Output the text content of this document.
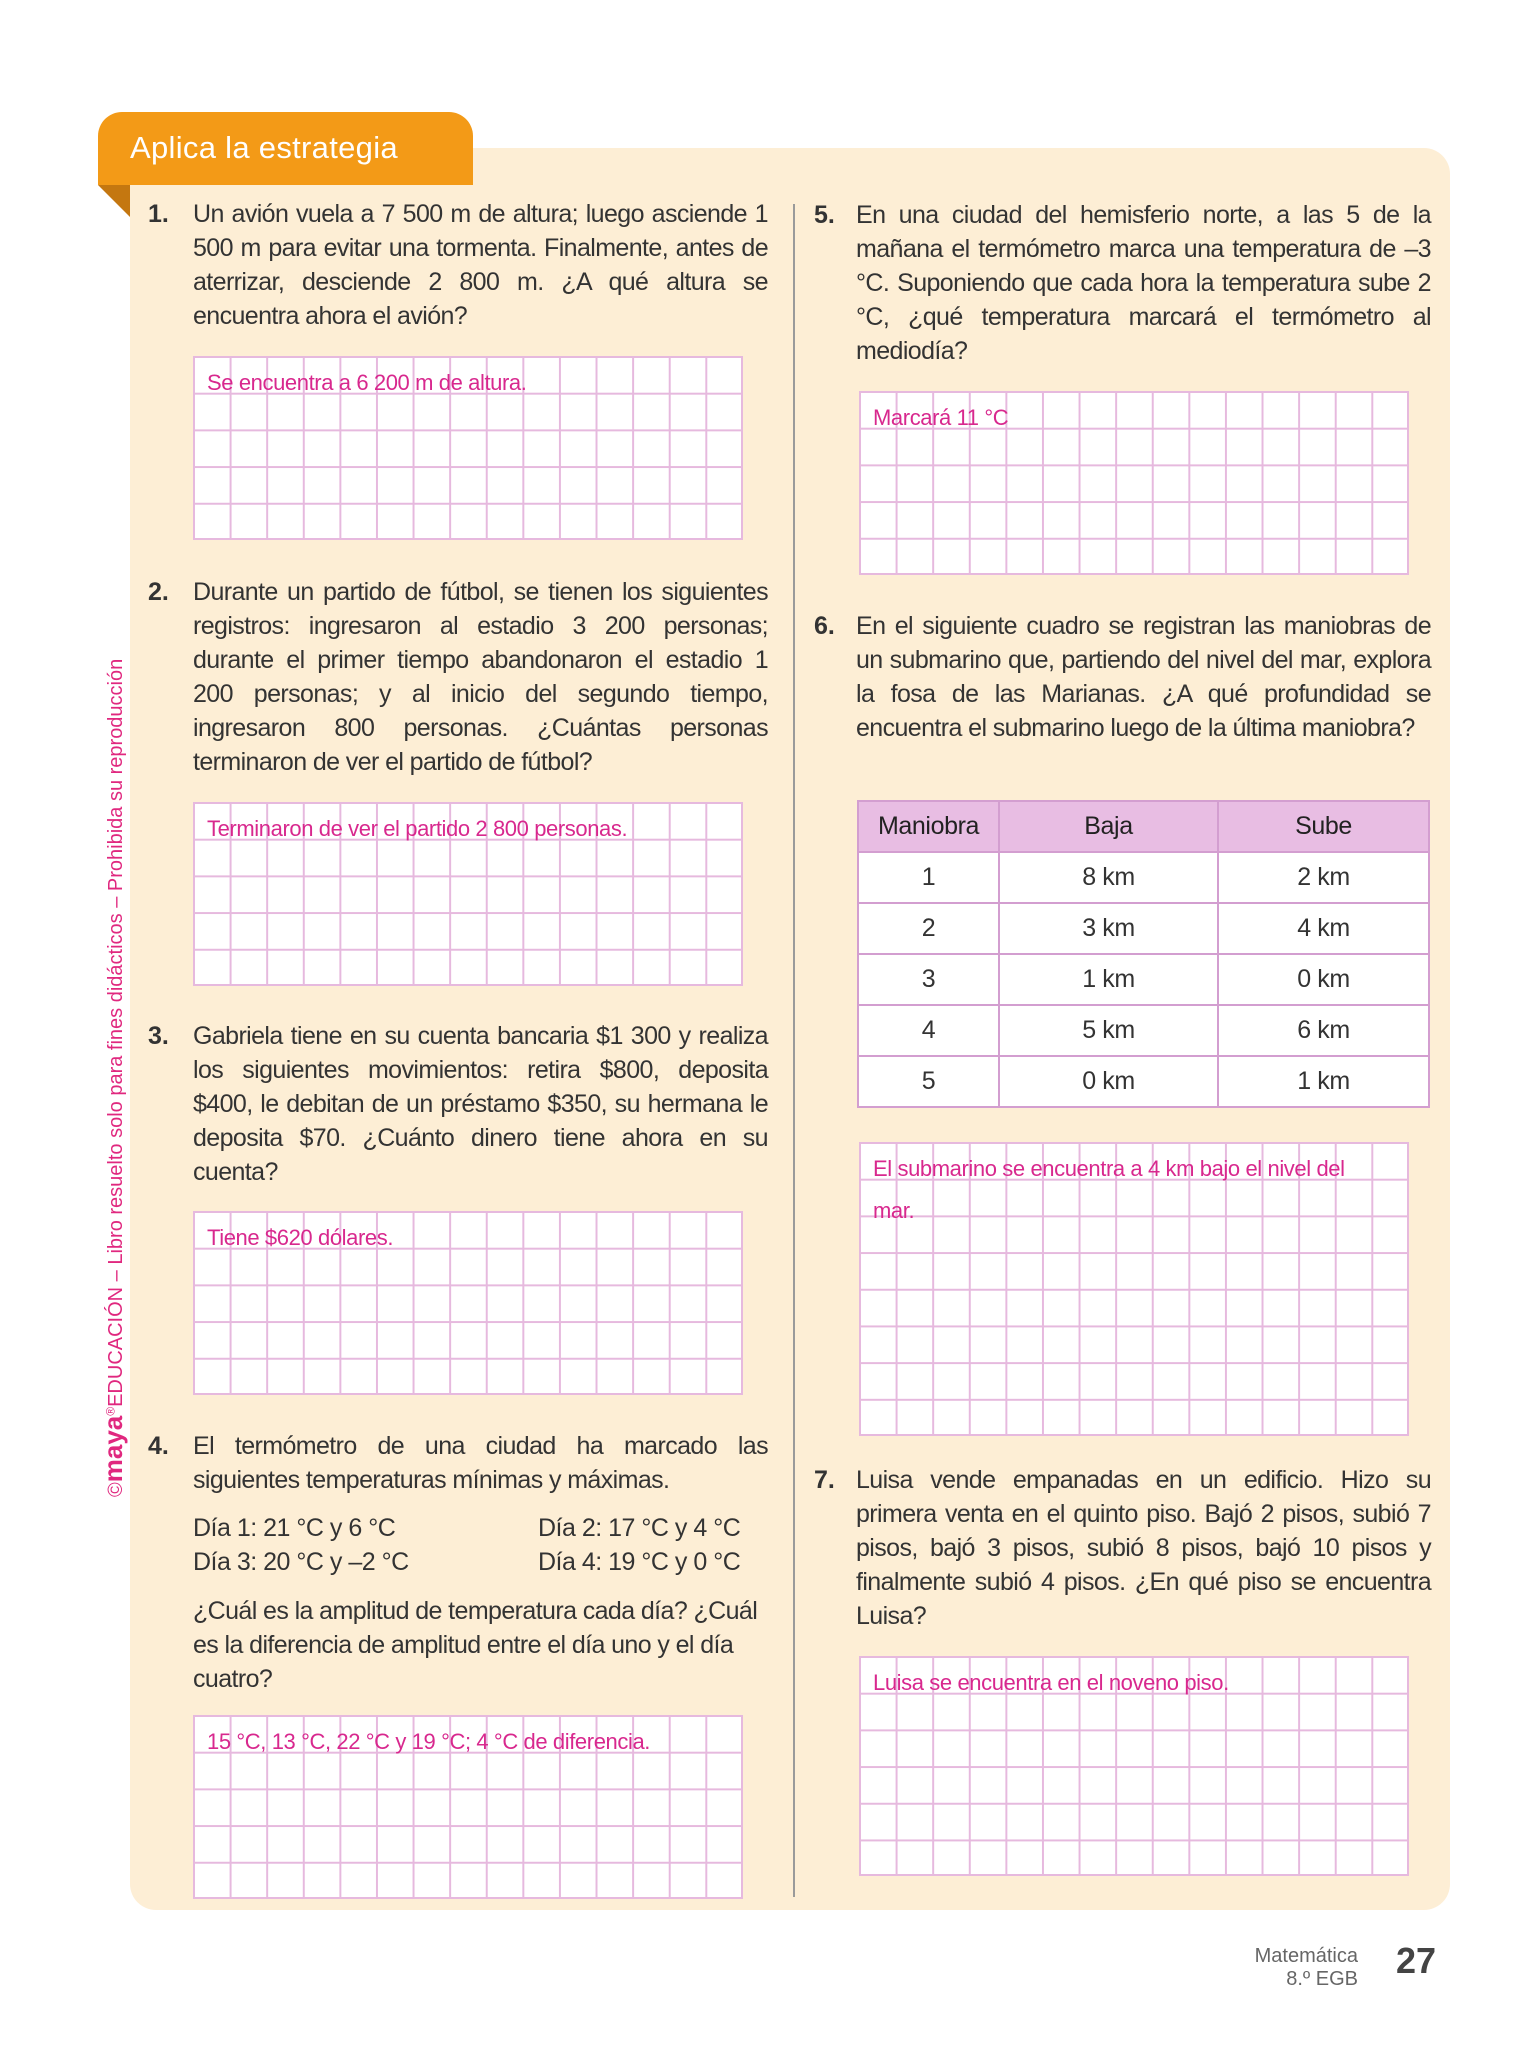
Aplica la estrategia
©maya®EDUCACIÓN – Libro resuelto solo para fines didácticos – Prohibida su reproducción
1. Un avión vuela a 7 500 m de altura; luego asciende 1 500 m para evitar una tormenta. Finalmente, antes de aterrizar, desciende 2 800 m. ¿A qué altura se encuentra ahora el avión?
Se encuentra a 6 200 m de altura.
2. Durante un partido de fútbol, se tienen los siguientes registros: ingresaron al estadio 3 200 personas; durante el primer tiempo abandonaron el estadio 1 200 personas; y al inicio del segundo tiempo, ingresaron 800 personas. ¿Cuántas personas terminaron de ver el partido de fútbol?
Terminaron de ver el partido 2 800 personas.
3. Gabriela tiene en su cuenta bancaria $1 300 y realiza los siguientes movimientos: retira $800, deposita $400, le debitan de un préstamo $350, su hermana le deposita $70. ¿Cuánto dinero tiene ahora en su cuenta?
Tiene $620 dólares.
4. El termómetro de una ciudad ha marcado las siguientes temperaturas mínimas y máximas.
Día 1: 21 °C y 6 °C	Día 2: 17 °C y 4 °C
Día 3: 20 °C y –2 °C	Día 4: 19 °C y 0 °C
¿Cuál es la amplitud de temperatura cada día? ¿Cuál es la diferencia de amplitud entre el día uno y el día cuatro?
15 °C, 13 °C, 22 °C y 19 °C; 4 °C de diferencia.
5. En una ciudad del hemisferio norte, a las 5 de la mañana el termómetro marca una temperatura de –3 °C. Suponiendo que cada hora la temperatura sube 2 °C, ¿qué temperatura marcará el termómetro al mediodía?
Marcará 11 °C
6. En el siguiente cuadro se registran las maniobras de un submarino que, partiendo del nivel del mar, explora la fosa de las Marianas. ¿A qué profundidad se encuentra el submarino luego de la última maniobra?
Maniobra	Baja	Sube
1	8 km	2 km
2	3 km	4 km
3	1 km	0 km
4	5 km	6 km
5	0 km	1 km
El submarino se encuentra a 4 km bajo el nivel del mar.
7. Luisa vende empanadas en un edificio. Hizo su primera venta en el quinto piso. Bajó 2 pisos, subió 7 pisos, bajó 3 pisos, subió 8 pisos, bajó 10 pisos y finalmente subió 4 pisos. ¿En qué piso se encuentra Luisa?
Luisa se encuentra en el noveno piso.
Matemática
8.º EGB 27
